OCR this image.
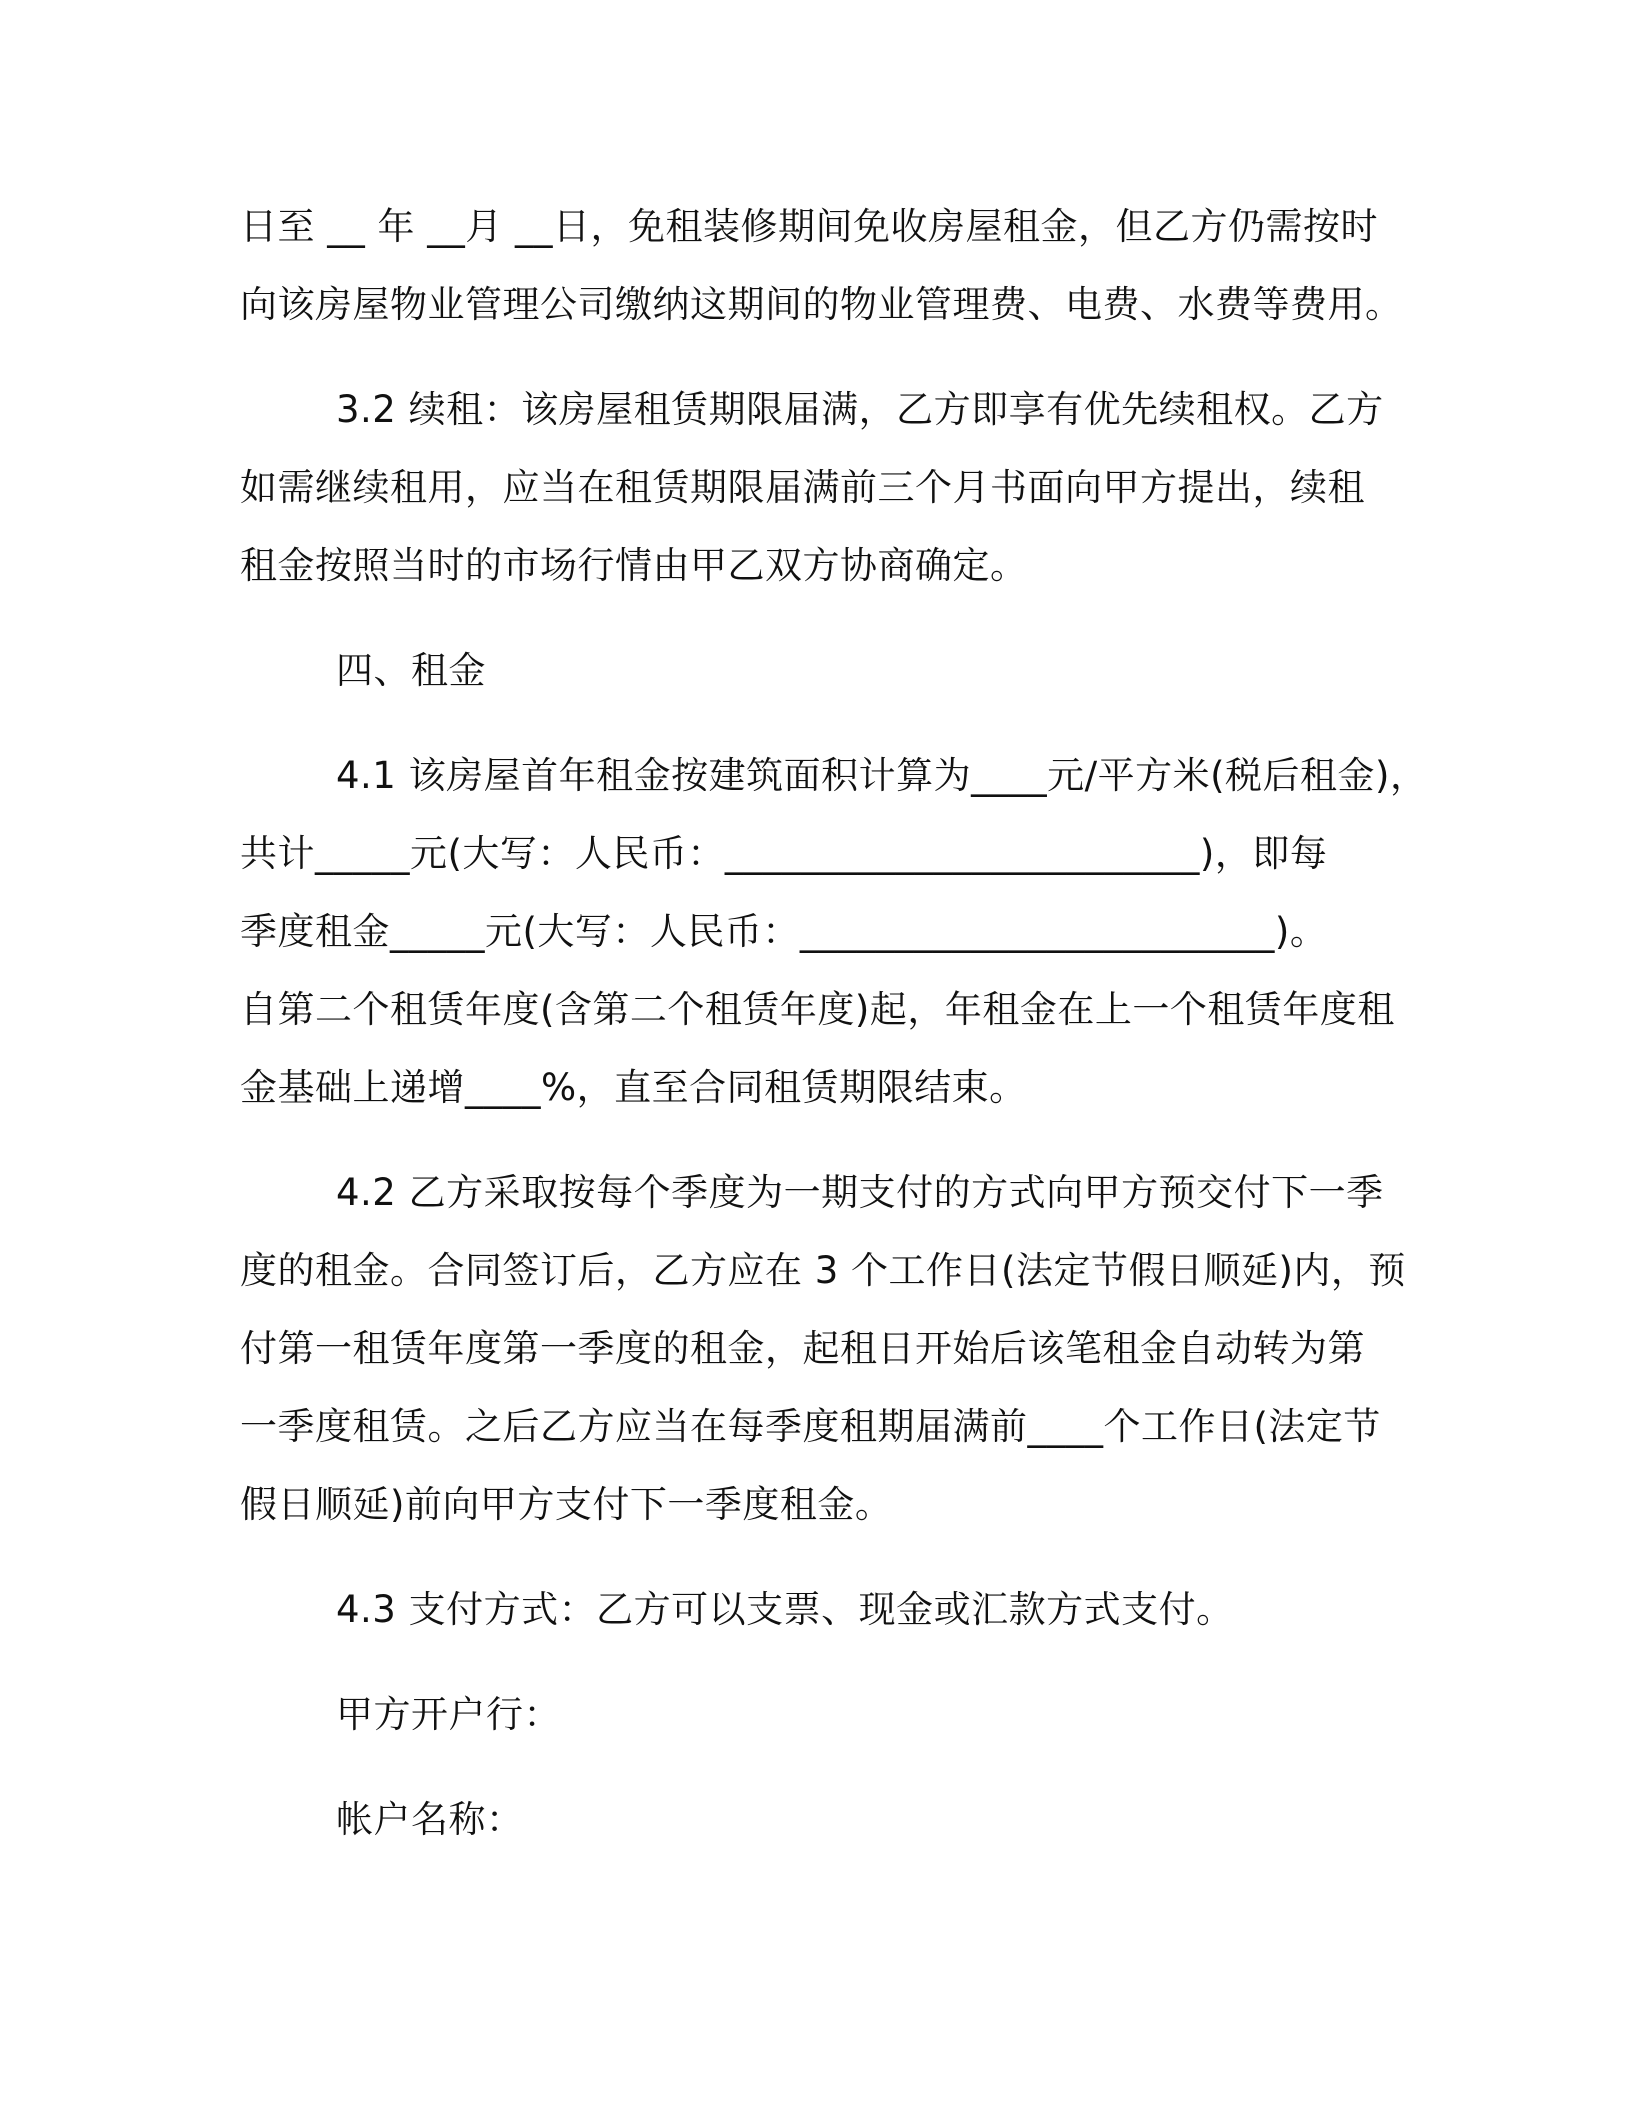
日至 __ 年 __月 __日，免租装修期间免收房屋租金，但乙方仍需按时
向该房屋物业管理公司缴纳这期间的物业管理费、电费、水费等费用。
3.2 续租：该房屋租赁期限届满，乙方即享有优先续租权。乙方
如需继续租用，应当在租赁期限届满前三个月书面向甲方提出，续租
租金按照当时的市场行情由甲乙双方协商确定。
四、租金
4.1 该房屋首年租金按建筑面积计算为____元/平方米(税后租金)，
共计_____元(大写：人民币：_________________________)，即每
季度租金_____元(大写：人民币：_________________________)。
自第二个租赁年度(含第二个租赁年度)起，年租金在上一个租赁年度租
金基础上递增____%，直至合同租赁期限结束。
4.2 乙方采取按每个季度为一期支付的方式向甲方预交付下一季
度的租金。合同签订后，乙方应在 3 个工作日(法定节假日顺延)内，预
付第一租赁年度第一季度的租金，起租日开始后该笔租金自动转为第
一季度租赁。之后乙方应当在每季度租期届满前____个工作日(法定节
假日顺延)前向甲方支付下一季度租金。
4.3 支付方式：乙方可以支票、现金或汇款方式支付。
甲方开户行：
帐户名称：
